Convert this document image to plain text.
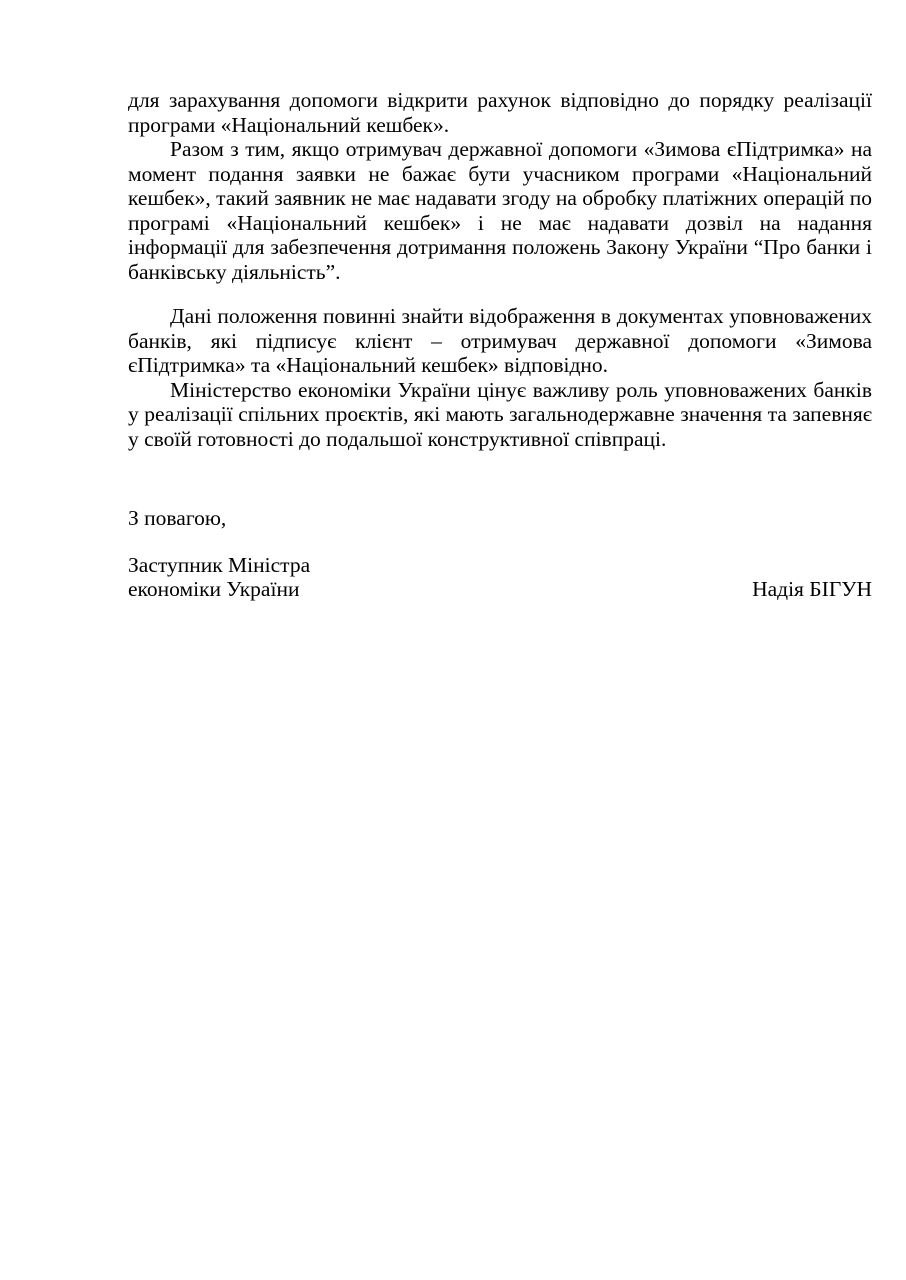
для зарахування допомоги відкрити рахунок відповідно до порядку реалізації програми «Національний кешбек».

Разом з тим, якщо отримувач державної допомоги «Зимова єПідтримка» на момент подання заявки не бажає бути учасником програми «Національний кешбек», такий заявник не має надавати згоду на обробку платіжних операцій по програмі «Національний кешбек» і не має надавати дозвіл на надання інформації для забезпечення дотримання положень Закону України “Про банки і банківську діяльність”.

Дані положення повинні знайти відображення в документах уповноважених банків, які підписує клієнт – отримувач державної допомоги «Зимова єПідтримка» та «Національний кешбек» відповідно.

Міністерство економіки України цінує важливу роль уповноважених банків у реалізації спільних проєктів, які мають загальнодержавне значення та запевняє у своїй готовності до подальшої конструктивної співпраці.

З повагою,
Заступник Міністра
економіки України	Надія БІГУН
